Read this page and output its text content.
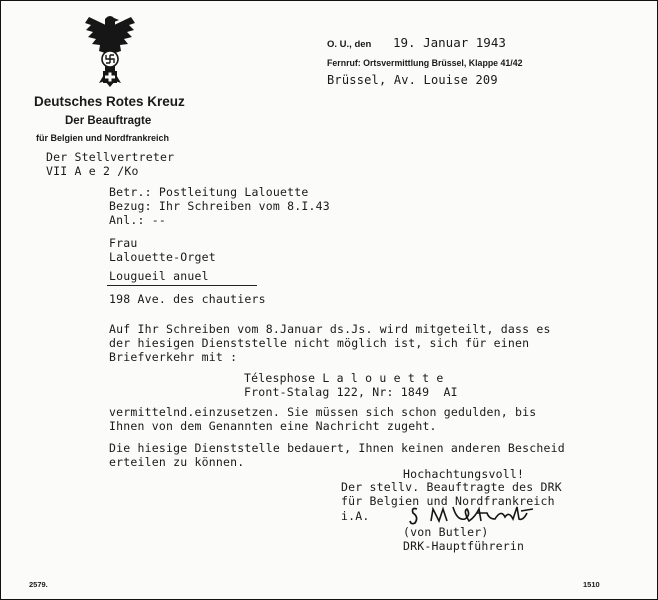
Deutsches Rotes Kreuz
Der Beauftragte
für Belgien und Nordfrankreich
O. U., den 19. Januar 1943
Fernruf: Ortsvermittlung Brüssel, Klappe 41/42
Brüssel, Av. Louise 209
Der Stellvertreter
VII A e 2 /Ko
Betr.: Postleitung Lalouette
Bezug: Ihr Schreiben vom 8.I.43
Anl.: --
Frau
Lalouette-Orget
Lougueil anuel
198 Ave. des chautiers
Auf Ihr Schreiben vom 8.Januar ds.Js. wird mitgeteilt, dass es
der hiesigen Dienststelle nicht möglich ist, sich für einen
Briefverkehr mit :
Télesphose L a l o u e t t e
Front-Stalag 122, Nr: 1849  AI
vermittelnd.einzusetzen. Sie müssen sich schon gedulden, bis
Ihnen von dem Genannten eine Nachricht zugeht.
Die hiesige Dienststelle bedauert, Ihnen keinen anderen Bescheid
erteilen zu können.
Hochachtungsvoll!
Der stellv. Beauftragte des DRK
für Belgien und Nordfrankreich
i.A.
(von Butler)
DRK-Hauptführerin
2579.	1510
